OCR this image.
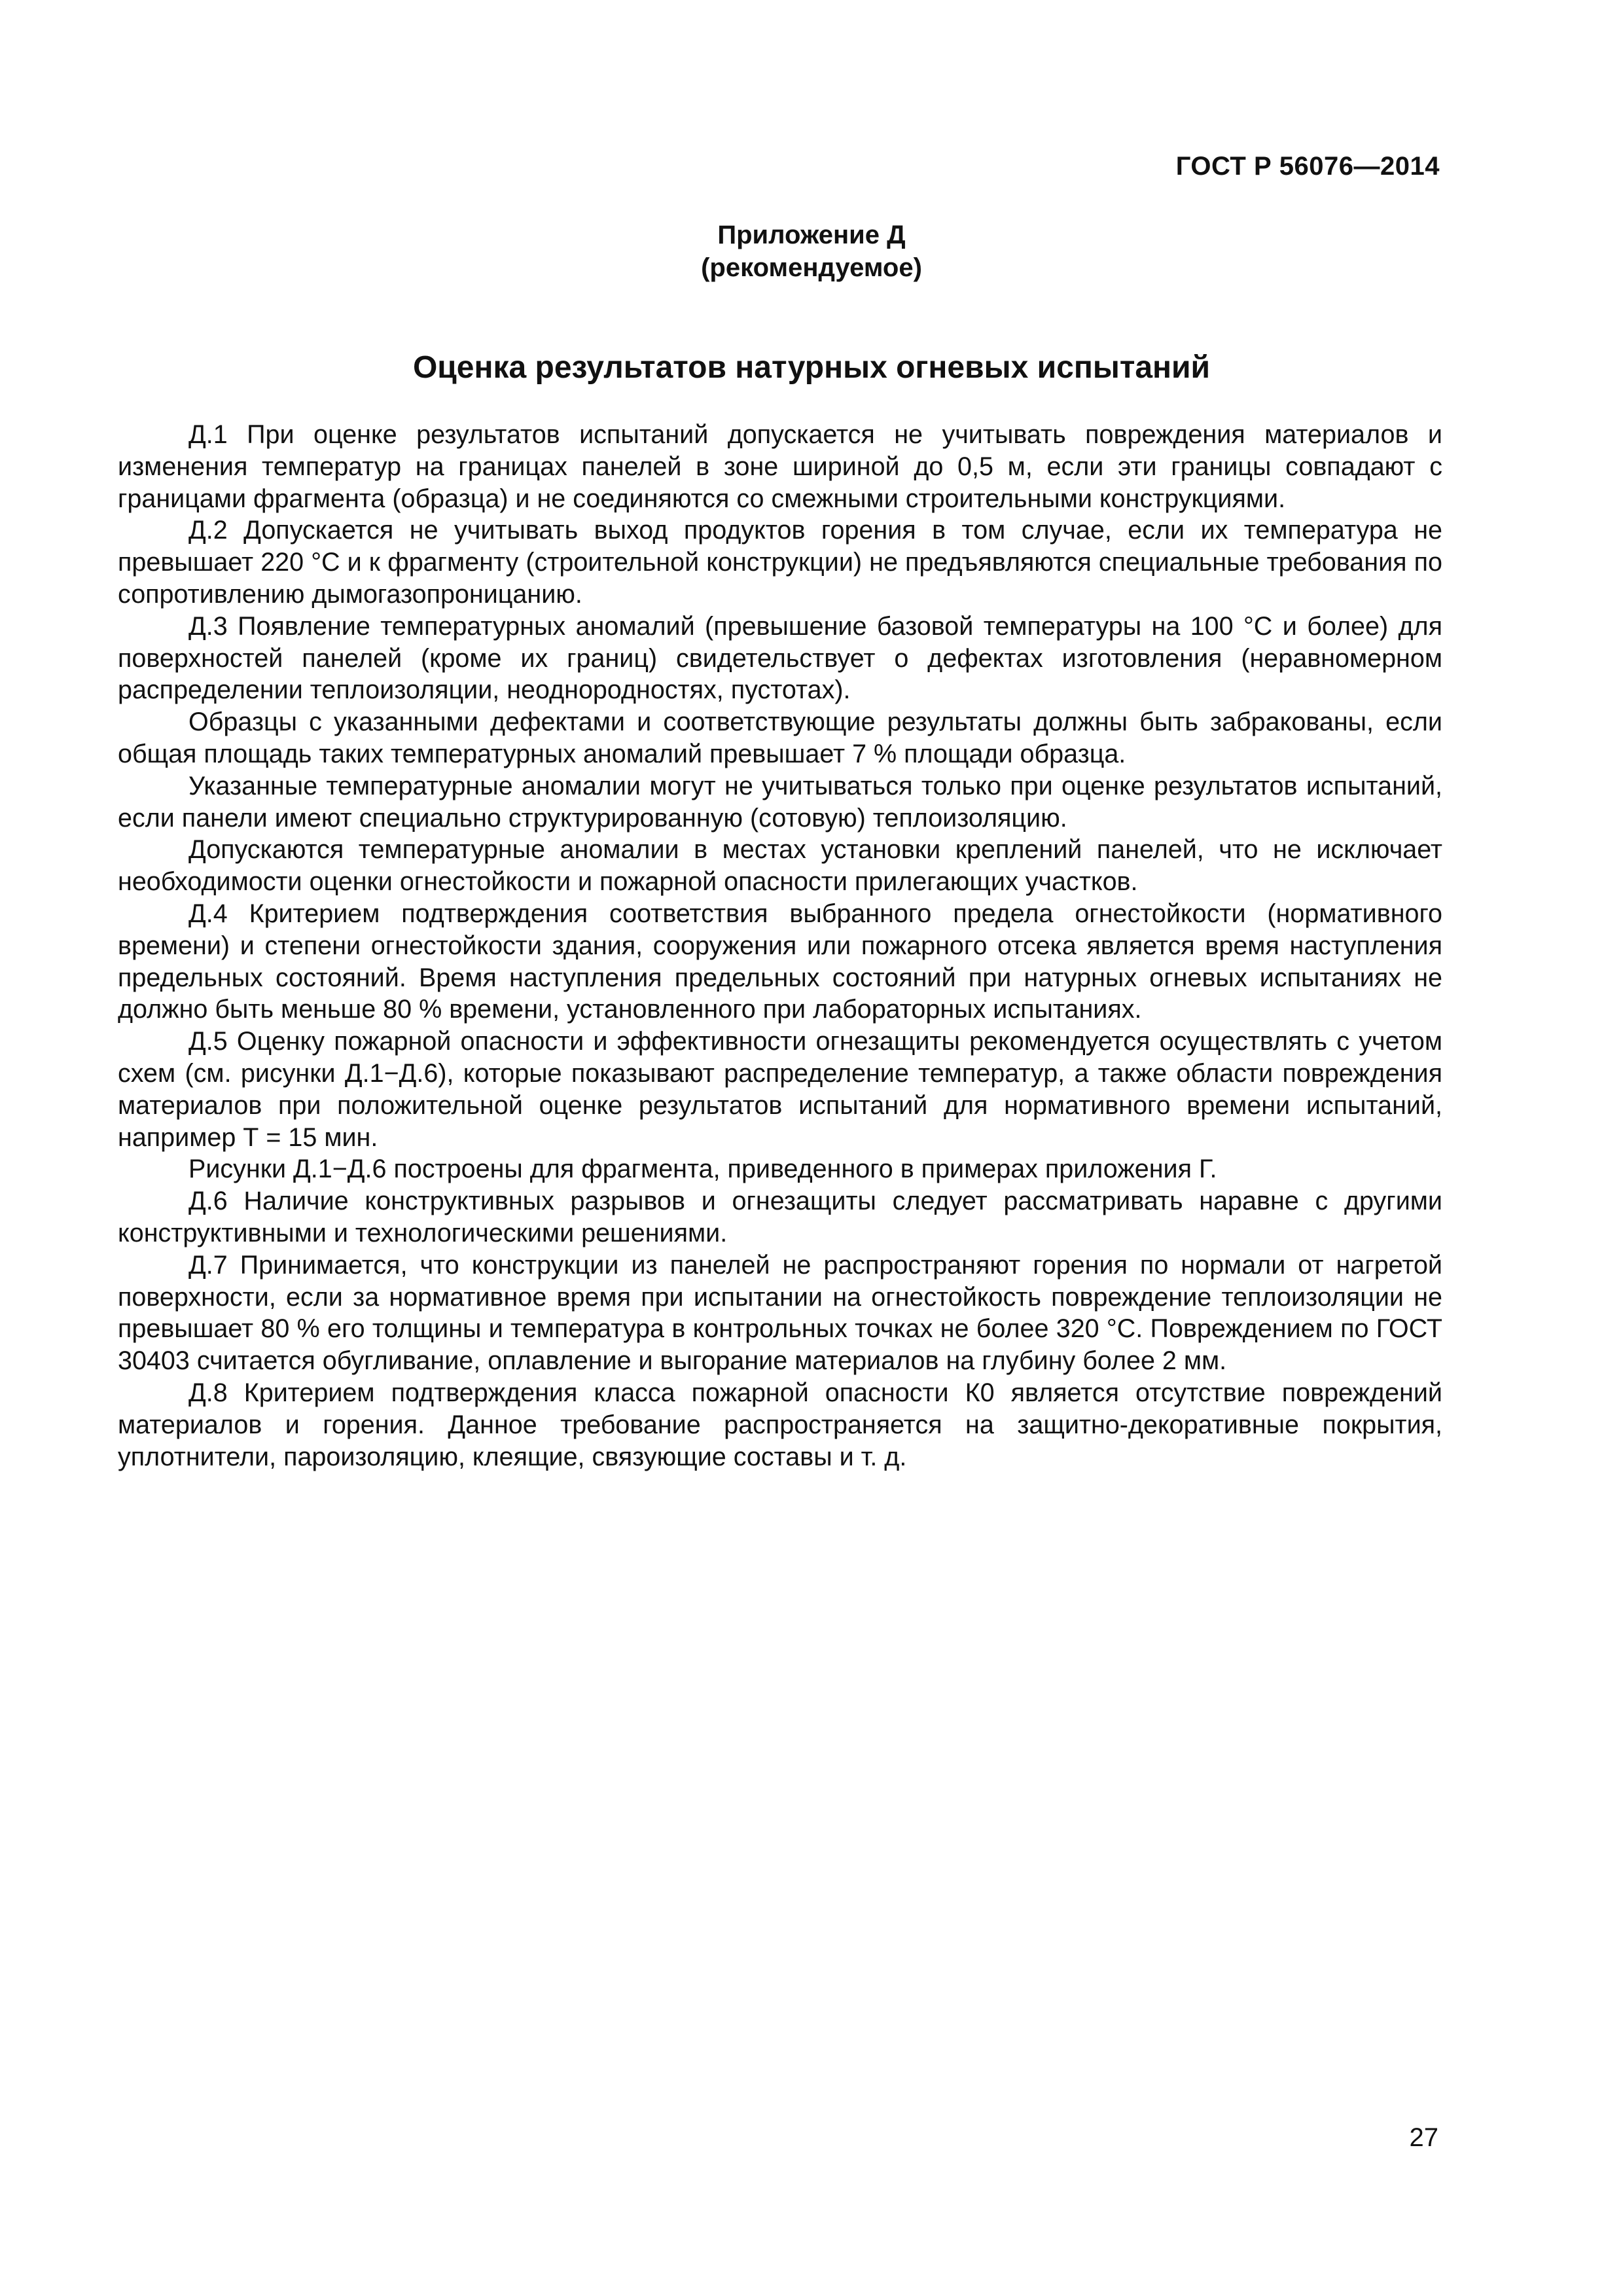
ГОСТ Р 56076—2014
Приложение Д
(рекомендуемое)
Оценка результатов натурных огневых испытаний

Д.1 При оценке результатов испытаний допускается не учитывать повреждения материалов и изменения температур на границах панелей в зоне шириной до 0,5 м, если эти границы совпадают с границами фрагмента (образца) и не соединяются со смежными строительными конструкциями.

Д.2 Допускается не учитывать выход продуктов горения в том случае, если их температура не превышает 220 °С и к фрагменту (строительной конструкции) не предъявляются специальные требования по сопротивлению дымогазопроницанию.

Д.3 Появление температурных аномалий (превышение базовой температуры на 100 °С и более) для поверхностей панелей (кроме их границ) свидетельствует о дефектах изготовления (неравномерном распределении теплоизоляции, неоднородностях, пустотах).

Образцы с указанными дефектами и соответствующие результаты должны быть забракованы, если общая площадь таких температурных аномалий превышает 7 % площади образца.

Указанные температурные аномалии могут не учитываться только при оценке результатов испытаний, если панели имеют специально структурированную (сотовую) теплоизоляцию.

Допускаются температурные аномалии в местах установки креплений панелей, что не исключает необходимости оценки огнестойкости и пожарной опасности прилегающих участков.

Д.4 Критерием подтверждения соответствия выбранного предела огнестойкости (нормативного времени) и степени огнестойкости здания, сооружения или пожарного отсека является время наступления предельных состояний. Время наступления предельных состояний при натурных огневых испытаниях не должно быть меньше 80 % времени, установленного при лабораторных испытаниях.

Д.5 Оценку пожарной опасности и эффективности огнезащиты рекомендуется осуществлять с учетом схем (см. рисунки Д.1−Д.6), которые показывают распределение температур, а также области повреждения материалов при положительной оценке результатов испытаний для нормативного времени испытаний, например Т = 15 мин.

Рисунки Д.1−Д.6 построены для фрагмента, приведенного в примерах приложения Г.

Д.6 Наличие конструктивных разрывов и огнезащиты следует рассматривать наравне с другими конструктивными и технологическими решениями.

Д.7 Принимается, что конструкции из панелей не распространяют горения по нормали от нагретой поверхности, если за нормативное время при испытании на огнестойкость повреждение теплоизоляции не превышает 80 % его толщины и температура в контрольных точках не более 320 °С. Повреждением по ГОСТ 30403 считается обугливание, оплавление и выгорание материалов на глубину более 2 мм.

Д.8 Критерием подтверждения класса пожарной опасности К0 является отсутствие повреждений материалов и горения. Данное требование распространяется на защитно-декоративные покрытия, уплотнители, пароизоляцию, клеящие, связующие составы и т. д.

27
